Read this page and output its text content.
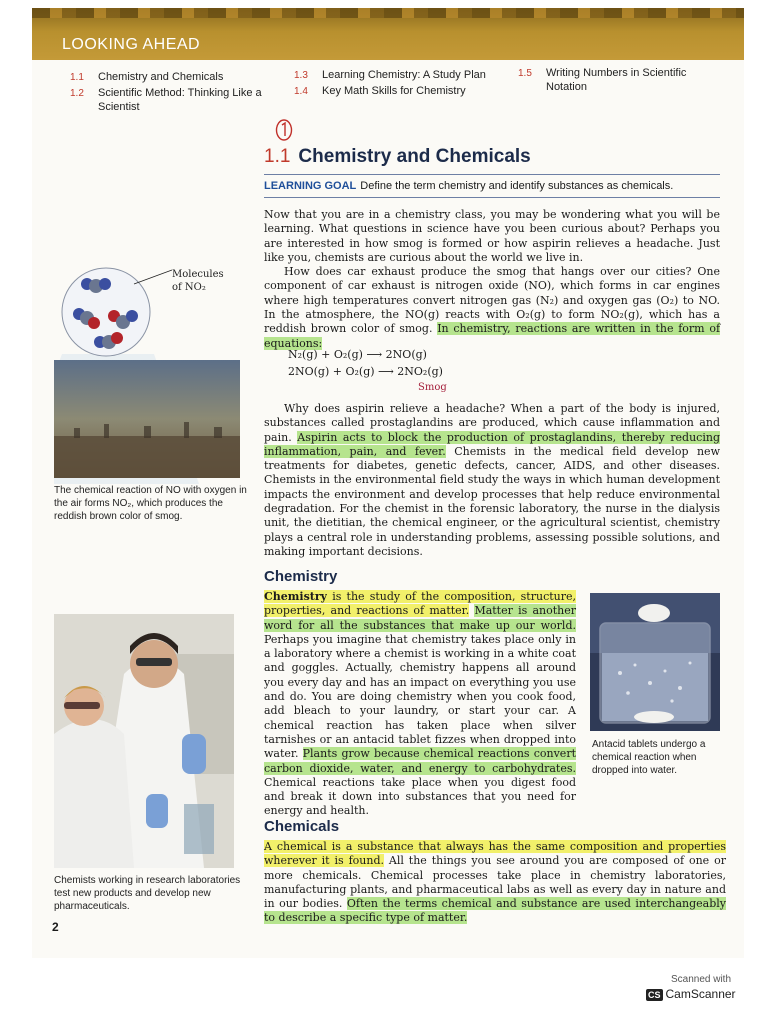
LOOKING AHEAD
1.1 Chemistry and Chemicals
1.2 Scientific Method: Thinking Like a Scientist
1.3 Learning Chemistry: A Study Plan
1.4 Key Math Skills for Chemistry
1.5 Writing Numbers in Scientific Notation
1.1 Chemistry and Chemicals
LEARNING GOAL Define the term chemistry and identify substances as chemicals.

Now that you are in a chemistry class, you may be wondering what you will be learning. What questions in science have you been curious about? Perhaps you are interested in how smog is formed or how aspirin relieves a headache. Just like you, chemists are curious about the world we live in.

How does car exhaust produce the smog that hangs over our cities? One component of car exhaust is nitrogen oxide (NO), which forms in car engines where high temperatures convert nitrogen gas (N₂) and oxygen gas (O₂) to NO. In the atmosphere, the NO(g) reacts with O₂(g) to form NO₂(g), which has a reddish brown color of smog. In chemistry, reactions are written in the form of equations:

N₂(g) + O₂(g) ⟶ 2NO(g)
2NO(g) + O₂(g) ⟶ 2NO₂(g)
Smog
Why does aspirin relieve a headache? When a part of the body is injured, substances called prostaglandins are produced, which cause inflammation and pain. Aspirin acts to block the production of prostaglandins, thereby reducing inflammation, pain, and fever. Chemists in the medical field develop new treatments for diabetes, genetic defects, cancer, AIDS, and other diseases. Chemists in the environmental field study the ways in which human development impacts the environment and develop processes that help reduce environmental degradation. For the chemist in the forensic laboratory, the nurse in the dialysis unit, the dietitian, the chemical engineer, or the agricultural scientist, chemistry plays a central role in understanding problems, assessing possible solutions, and making important decisions.
Molecules of NO₂
The chemical reaction of NO with oxygen in the air forms NO₂, which produces the reddish brown color of smog.
Chemistry
Chemistry is the study of the composition, structure, properties, and reactions of matter. Matter is another word for all the substances that make up our world. Perhaps you imagine that chemistry takes place only in a laboratory where a chemist is working in a white coat and goggles. Actually, chemistry happens all around you every day and has an impact on everything you use and do. You are doing chemistry when you cook food, add bleach to your laundry, or start your car. A chemical reaction has taken place when silver tarnishes or an antacid tablet fizzes when dropped into water. Plants grow because chemical reactions convert carbon dioxide, water, and energy to carbohydrates. Chemical reactions take place when you digest food and break it down into substances that you need for energy and health.
Antacid tablets undergo a chemical reaction when dropped into water.
Chemists working in research laboratories test new products and develop new pharmaceuticals.
Chemicals
A chemical is a substance that always has the same composition and properties wherever it is found. All the things you see around you are composed of one or more chemicals. Chemical processes take place in chemistry laboratories, manufacturing plants, and pharmaceutical labs as well as every day in nature and in our bodies. Often the terms chemical and substance are used interchangeably to describe a specific type of matter.
2
Scanned with
CS CamScanner
